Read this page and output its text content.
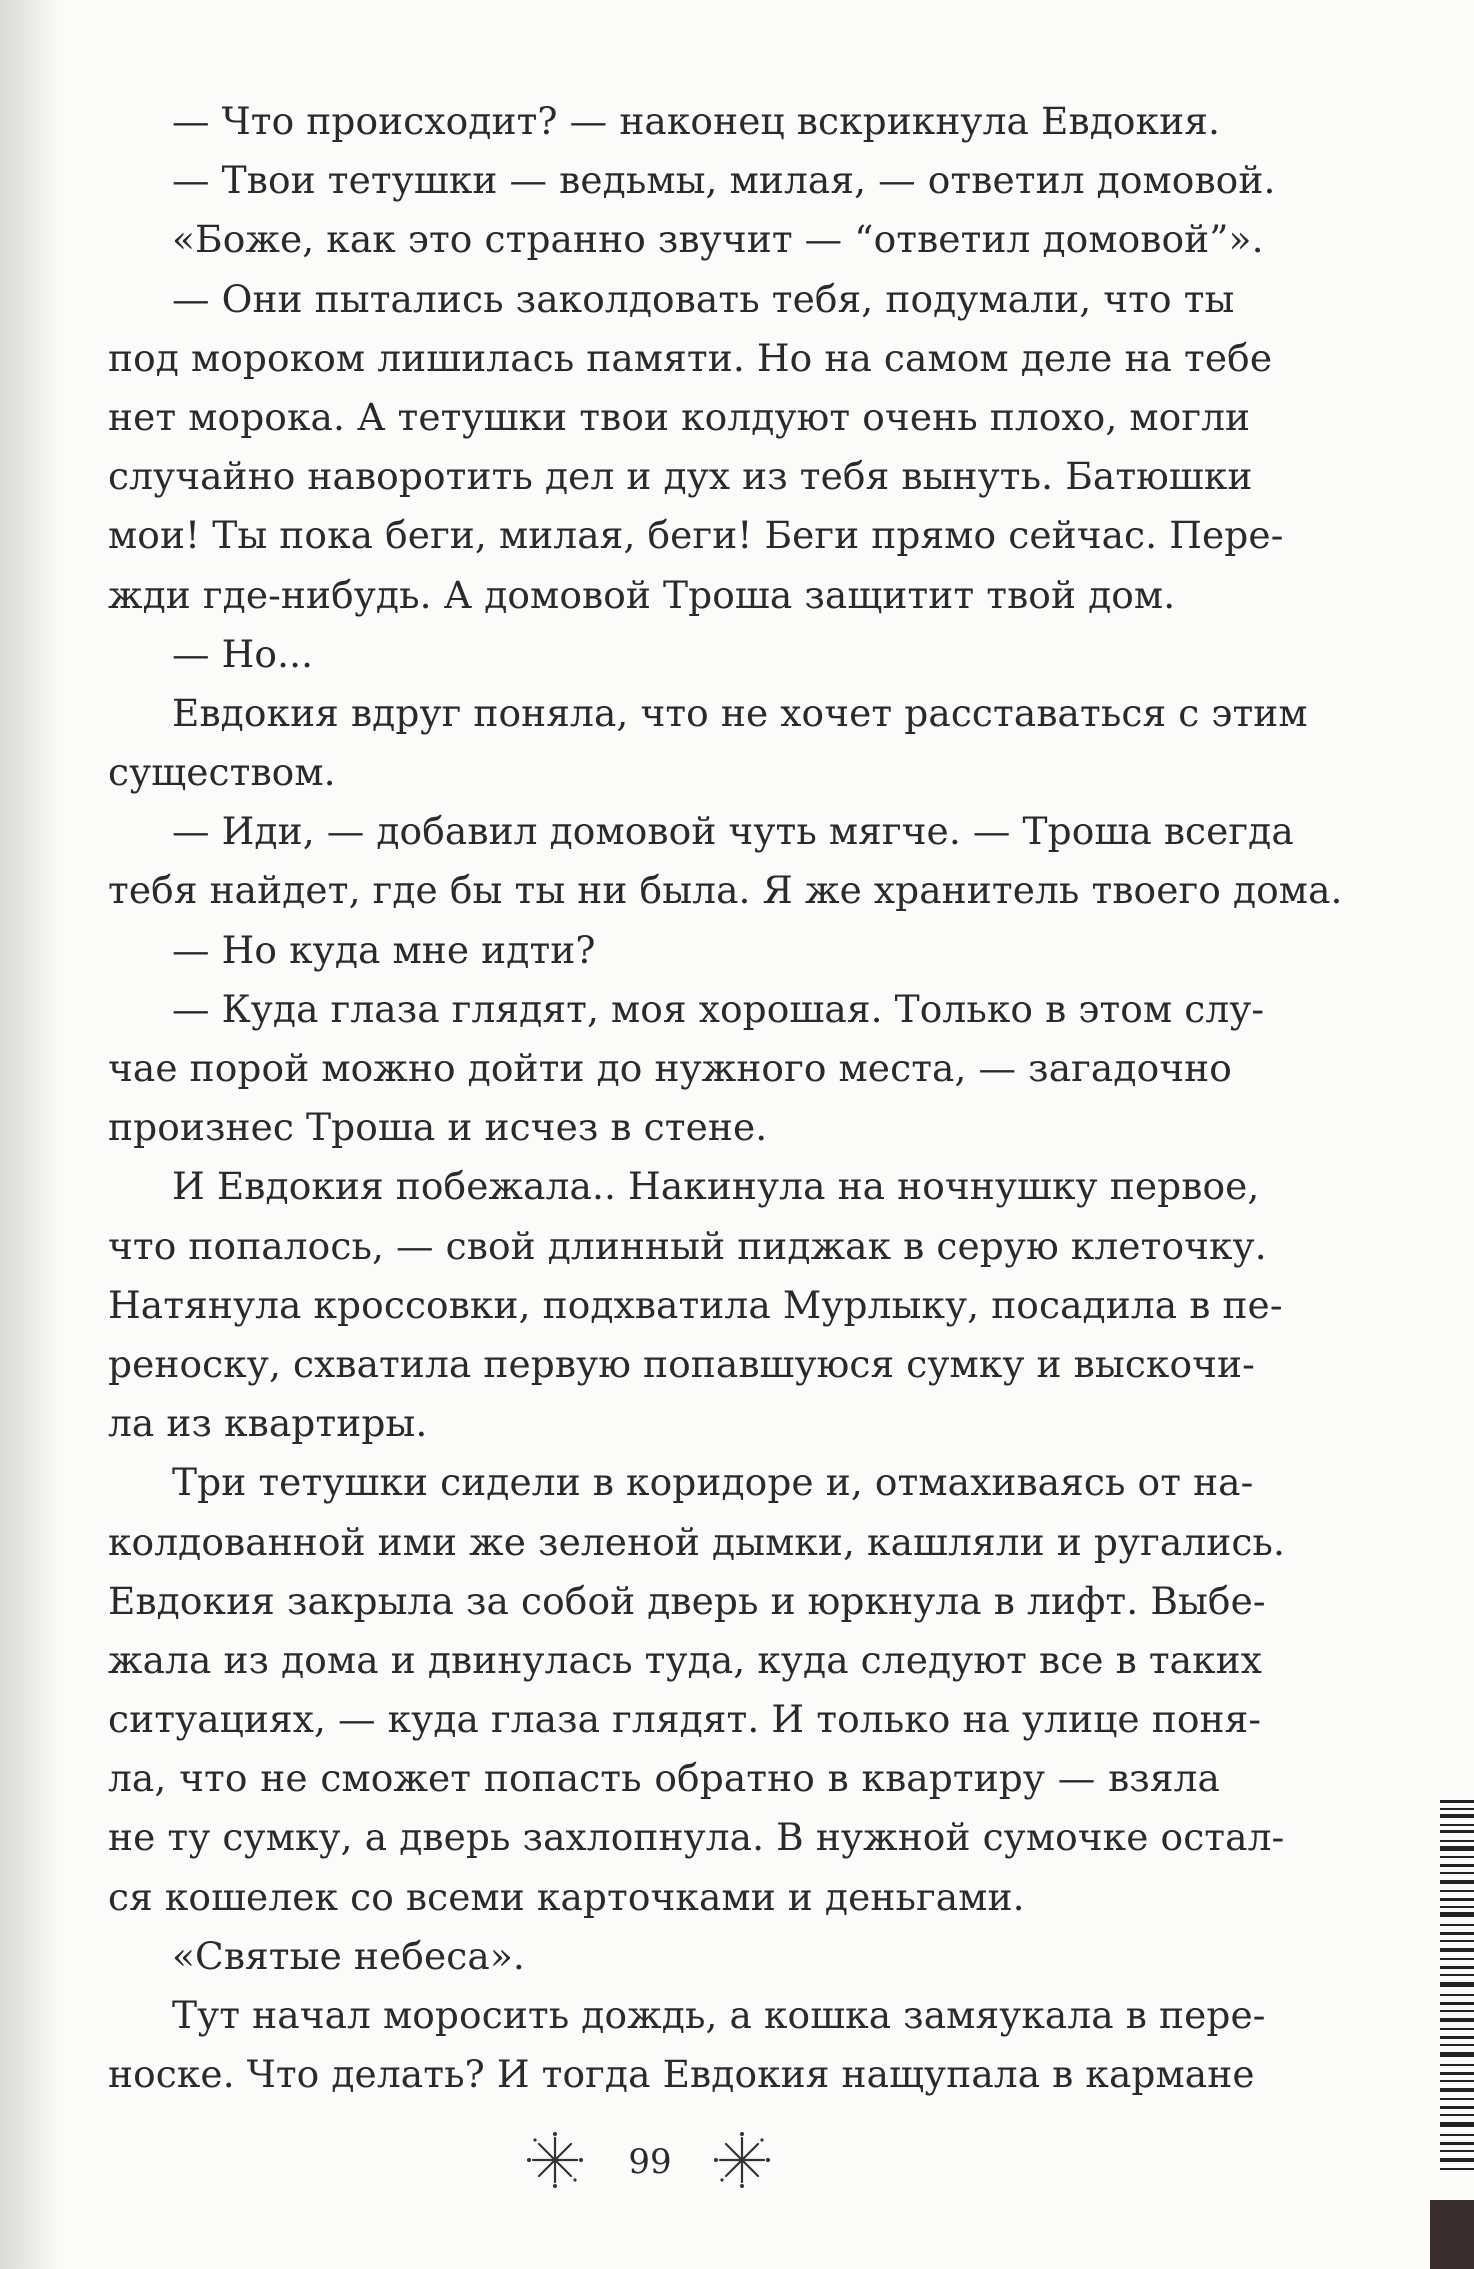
— Что происходит? — наконец вскрикнула Евдокия.
— Твои тетушки — ведьмы, милая, — ответил домовой.
«Боже, как это странно звучит — “ответил домовой”».
— Они пытались заколдовать тебя, подумали, что ты
под мороком лишилась памяти. Но на самом деле на тебе
нет морока. А тетушки твои колдуют очень плохо, могли
случайно наворотить дел и дух из тебя вынуть. Батюшки
мои! Ты пока беги, милая, беги! Беги прямо сейчас. Пере-
жди где-нибудь. А домовой Троша защитит твой дом.
— Но...
Евдокия вдруг поняла, что не хочет расставаться с этим
существом.
— Иди, — добавил домовой чуть мягче. — Троша всегда
тебя найдет, где бы ты ни была. Я же хранитель твоего дома.
— Но куда мне идти?
— Куда глаза глядят, моя хорошая. Только в этом слу-
чае порой можно дойти до нужного места, — загадочно
произнес Троша и исчез в стене.
И Евдокия побежала.. Накинула на ночнушку первое,
что попалось, — свой длинный пиджак в серую клеточку.
Натянула кроссовки, подхватила Мурлыку, посадила в пе-
реноску, схватила первую попавшуюся сумку и выскочи-
ла из квартиры.
Три тетушки сидели в коридоре и, отмахиваясь от на-
колдованной ими же зеленой дымки, кашляли и ругались.
Евдокия закрыла за собой дверь и юркнула в лифт. Выбе-
жала из дома и двинулась туда, куда следуют все в таких
ситуациях, — куда глаза глядят. И только на улице поня-
ла, что не сможет попасть обратно в квартиру — взяла
не ту сумку, а дверь захлопнула. В нужной сумочке остал-
ся кошелек со всеми карточками и деньгами.
«Святые небеса».
Тут начал моросить дождь, а кошка замяукала в пере-
носке. Что делать? И тогда Евдокия нащупала в кармане
99
